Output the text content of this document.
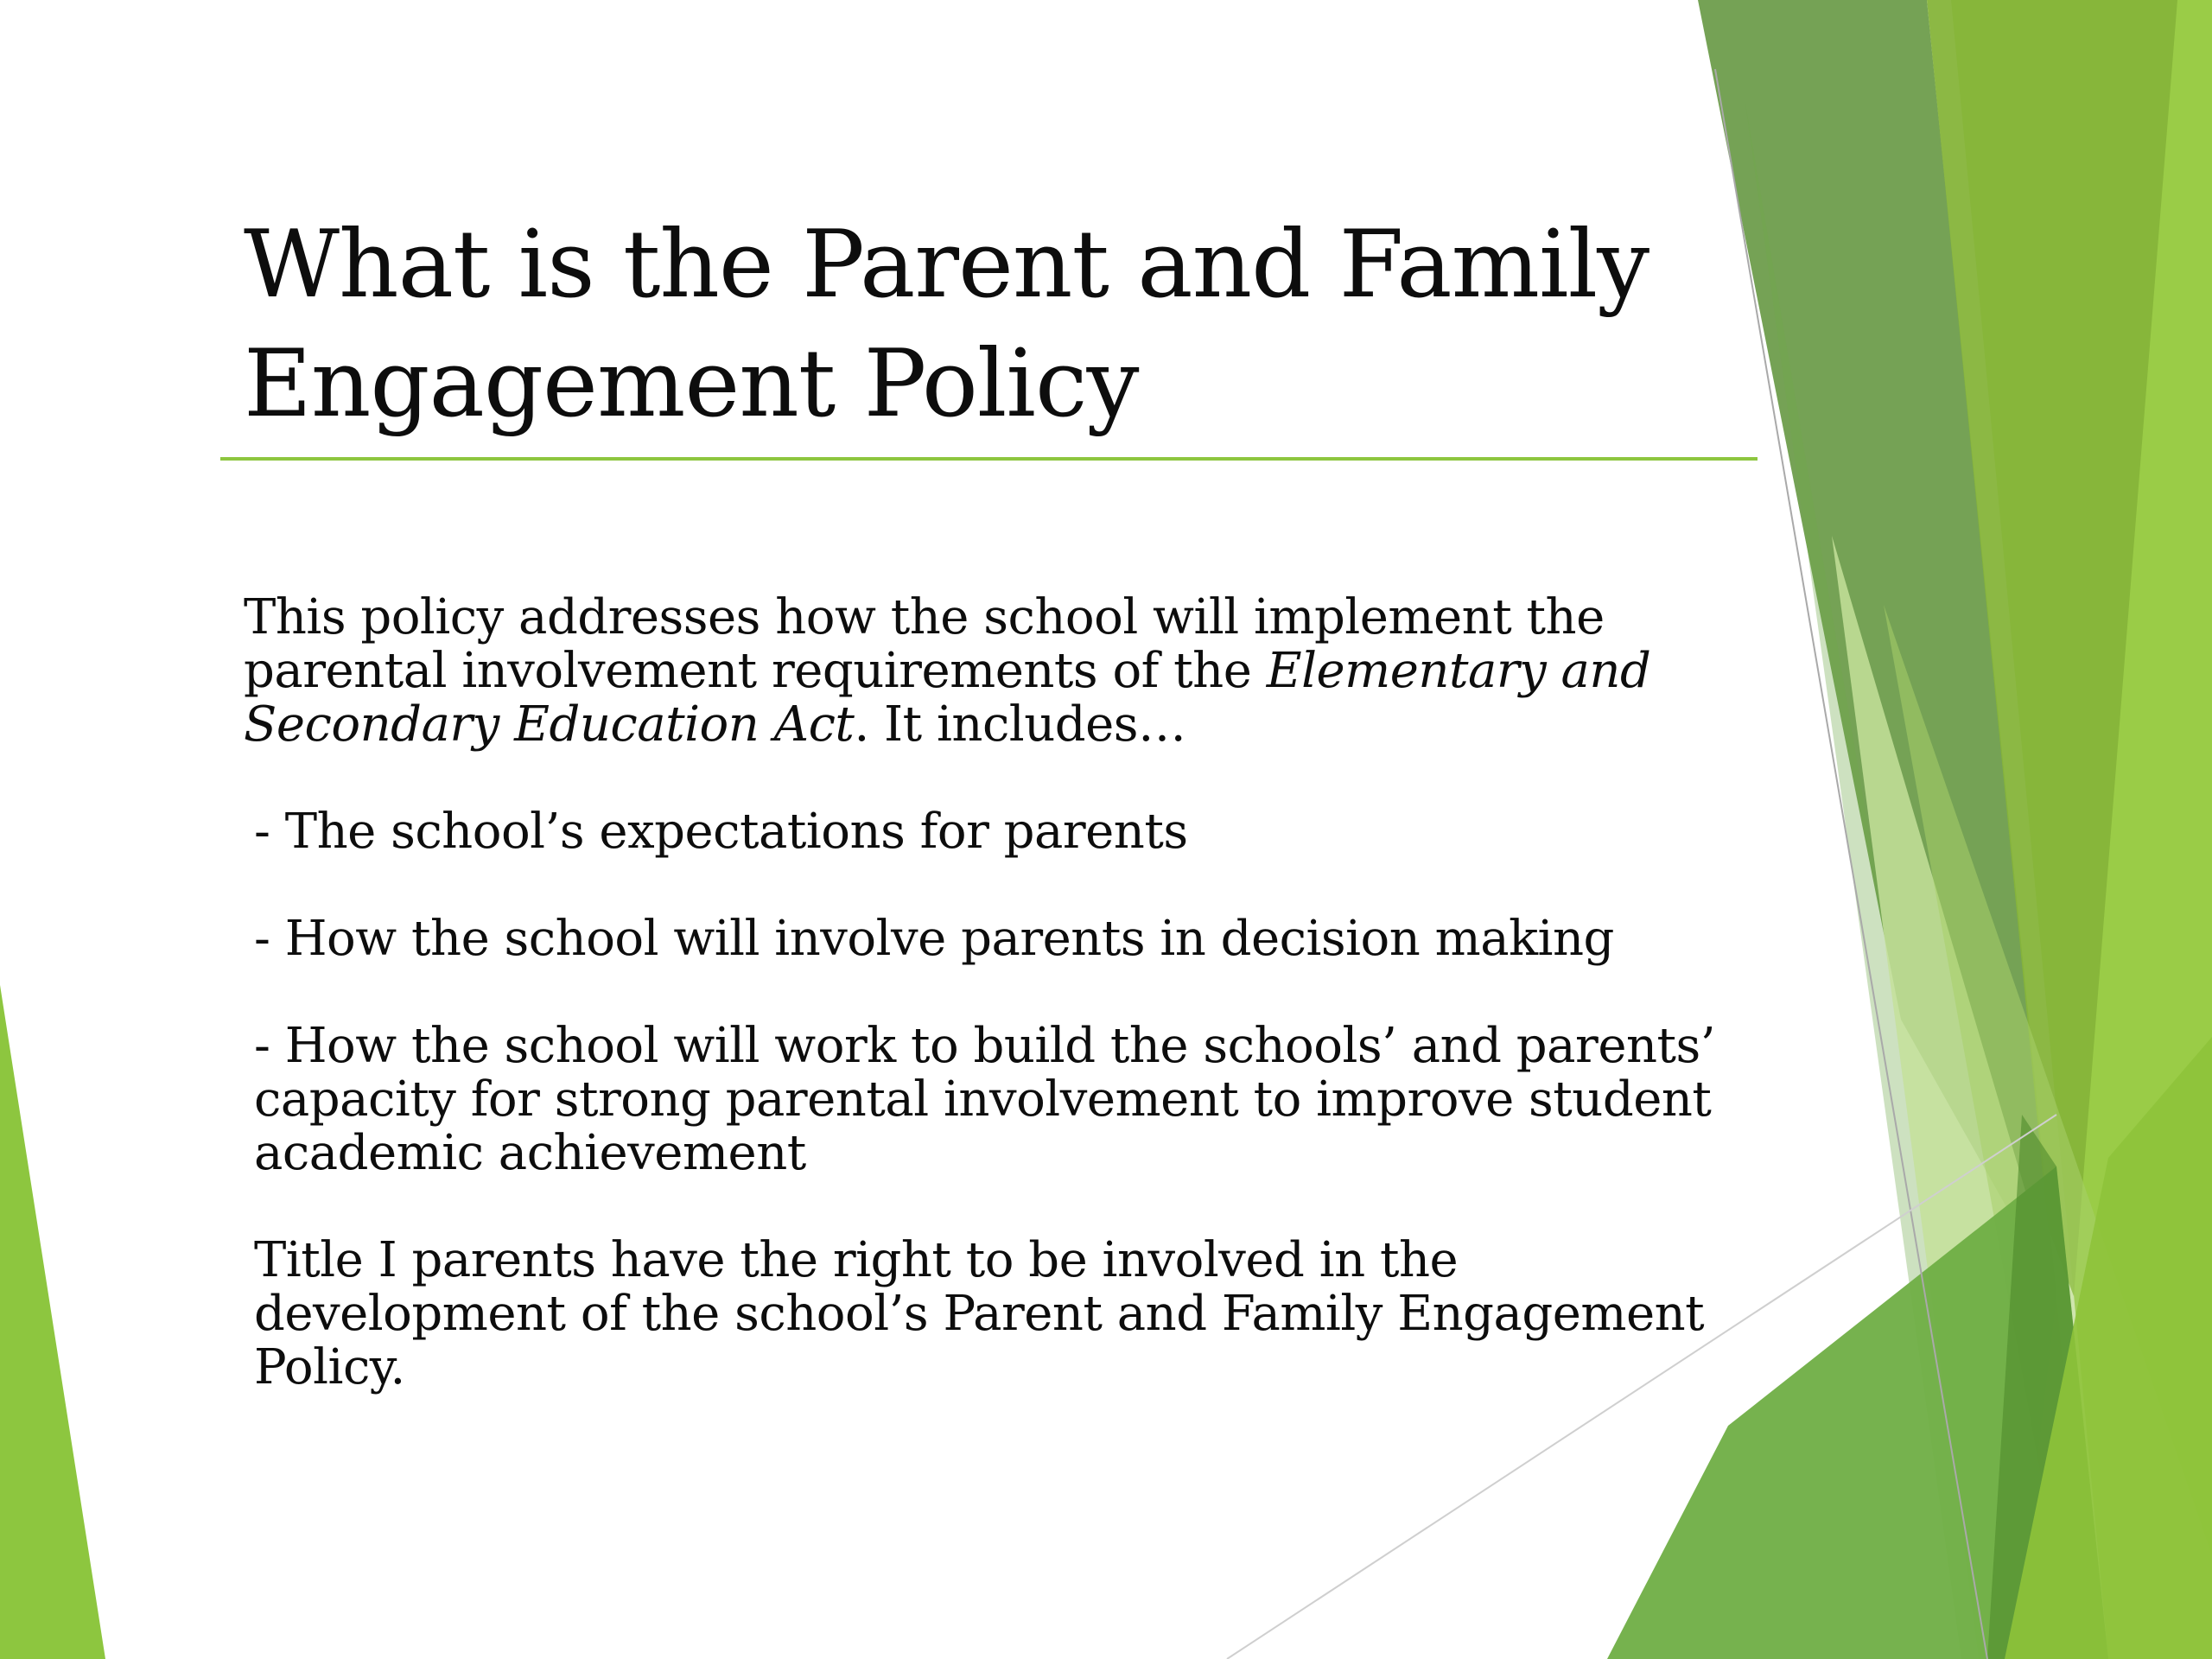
What is the Parent and Family
Engagement Policy

This policy addresses how the school will implement the parental involvement requirements of the Elementary and Secondary Education Act. It includes…

- The school’s expectations for parents

- How the school will involve parents in decision making

- How the school will work to build the schools’ and parents’ capacity for strong parental involvement to improve student academic achievement

Title I parents have the right to be involved in the development of the school’s Parent and Family Engagement Policy.
